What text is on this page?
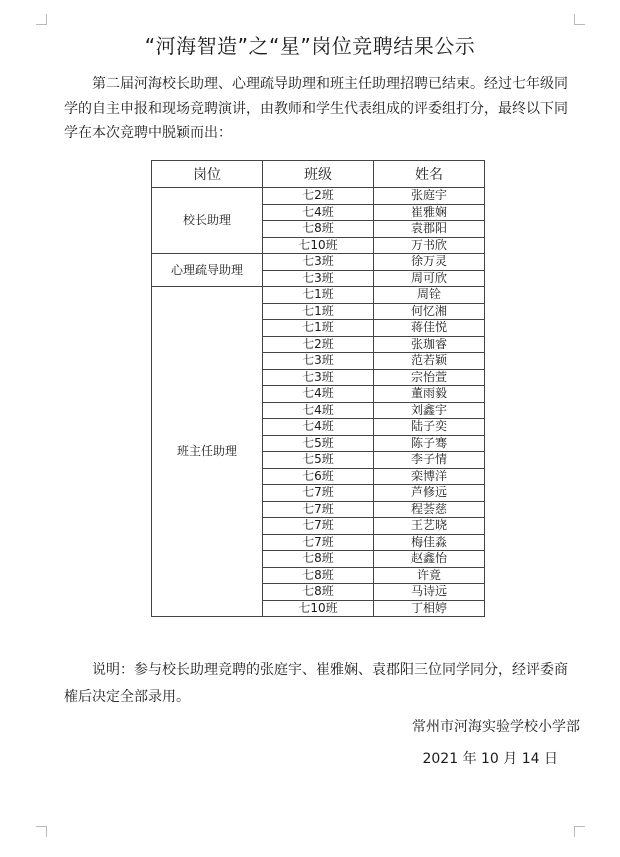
“河海智造”之“星”岗位竞聘结果公示

第二届河海校长助理、心理疏导助理和班主任助理招聘已结束。经过七年级同学的自主申报和现场竞聘演讲，由教师和学生代表组成的评委组打分，最终以下同学在本次竞聘中脱颖而出：

岗位	班级	姓名
校长助理	七2班	张庭宇
	七4班	崔雅娴
	七8班	袁郡阳
	七10班	万书欣
心理疏导助理	七3班	徐万灵
	七3班	周可欣
班主任助理	七1班	周铨
	七1班	何忆湘
	七1班	蒋佳悦
	七2班	张珈睿
	七3班	范若颖
	七3班	宗怡萱
	七4班	董雨毅
	七4班	刘鑫宇
	七4班	陆子奕
	七5班	陈子骞
	七5班	李子情
	七6班	栾博洋
	七7班	芦修远
	七7班	程荟慈
	七7班	王艺晓
	七7班	梅佳淼
	七8班	赵鑫怡
	七8班	许竟
	七8班	马诗远
	七10班	丁相婷

说明：参与校长助理竞聘的张庭宇、崔雅娴、袁郡阳三位同学同分，经评委商榷后决定全部录用。

常州市河海实验学校小学部
2021 年 10 月 14 日
